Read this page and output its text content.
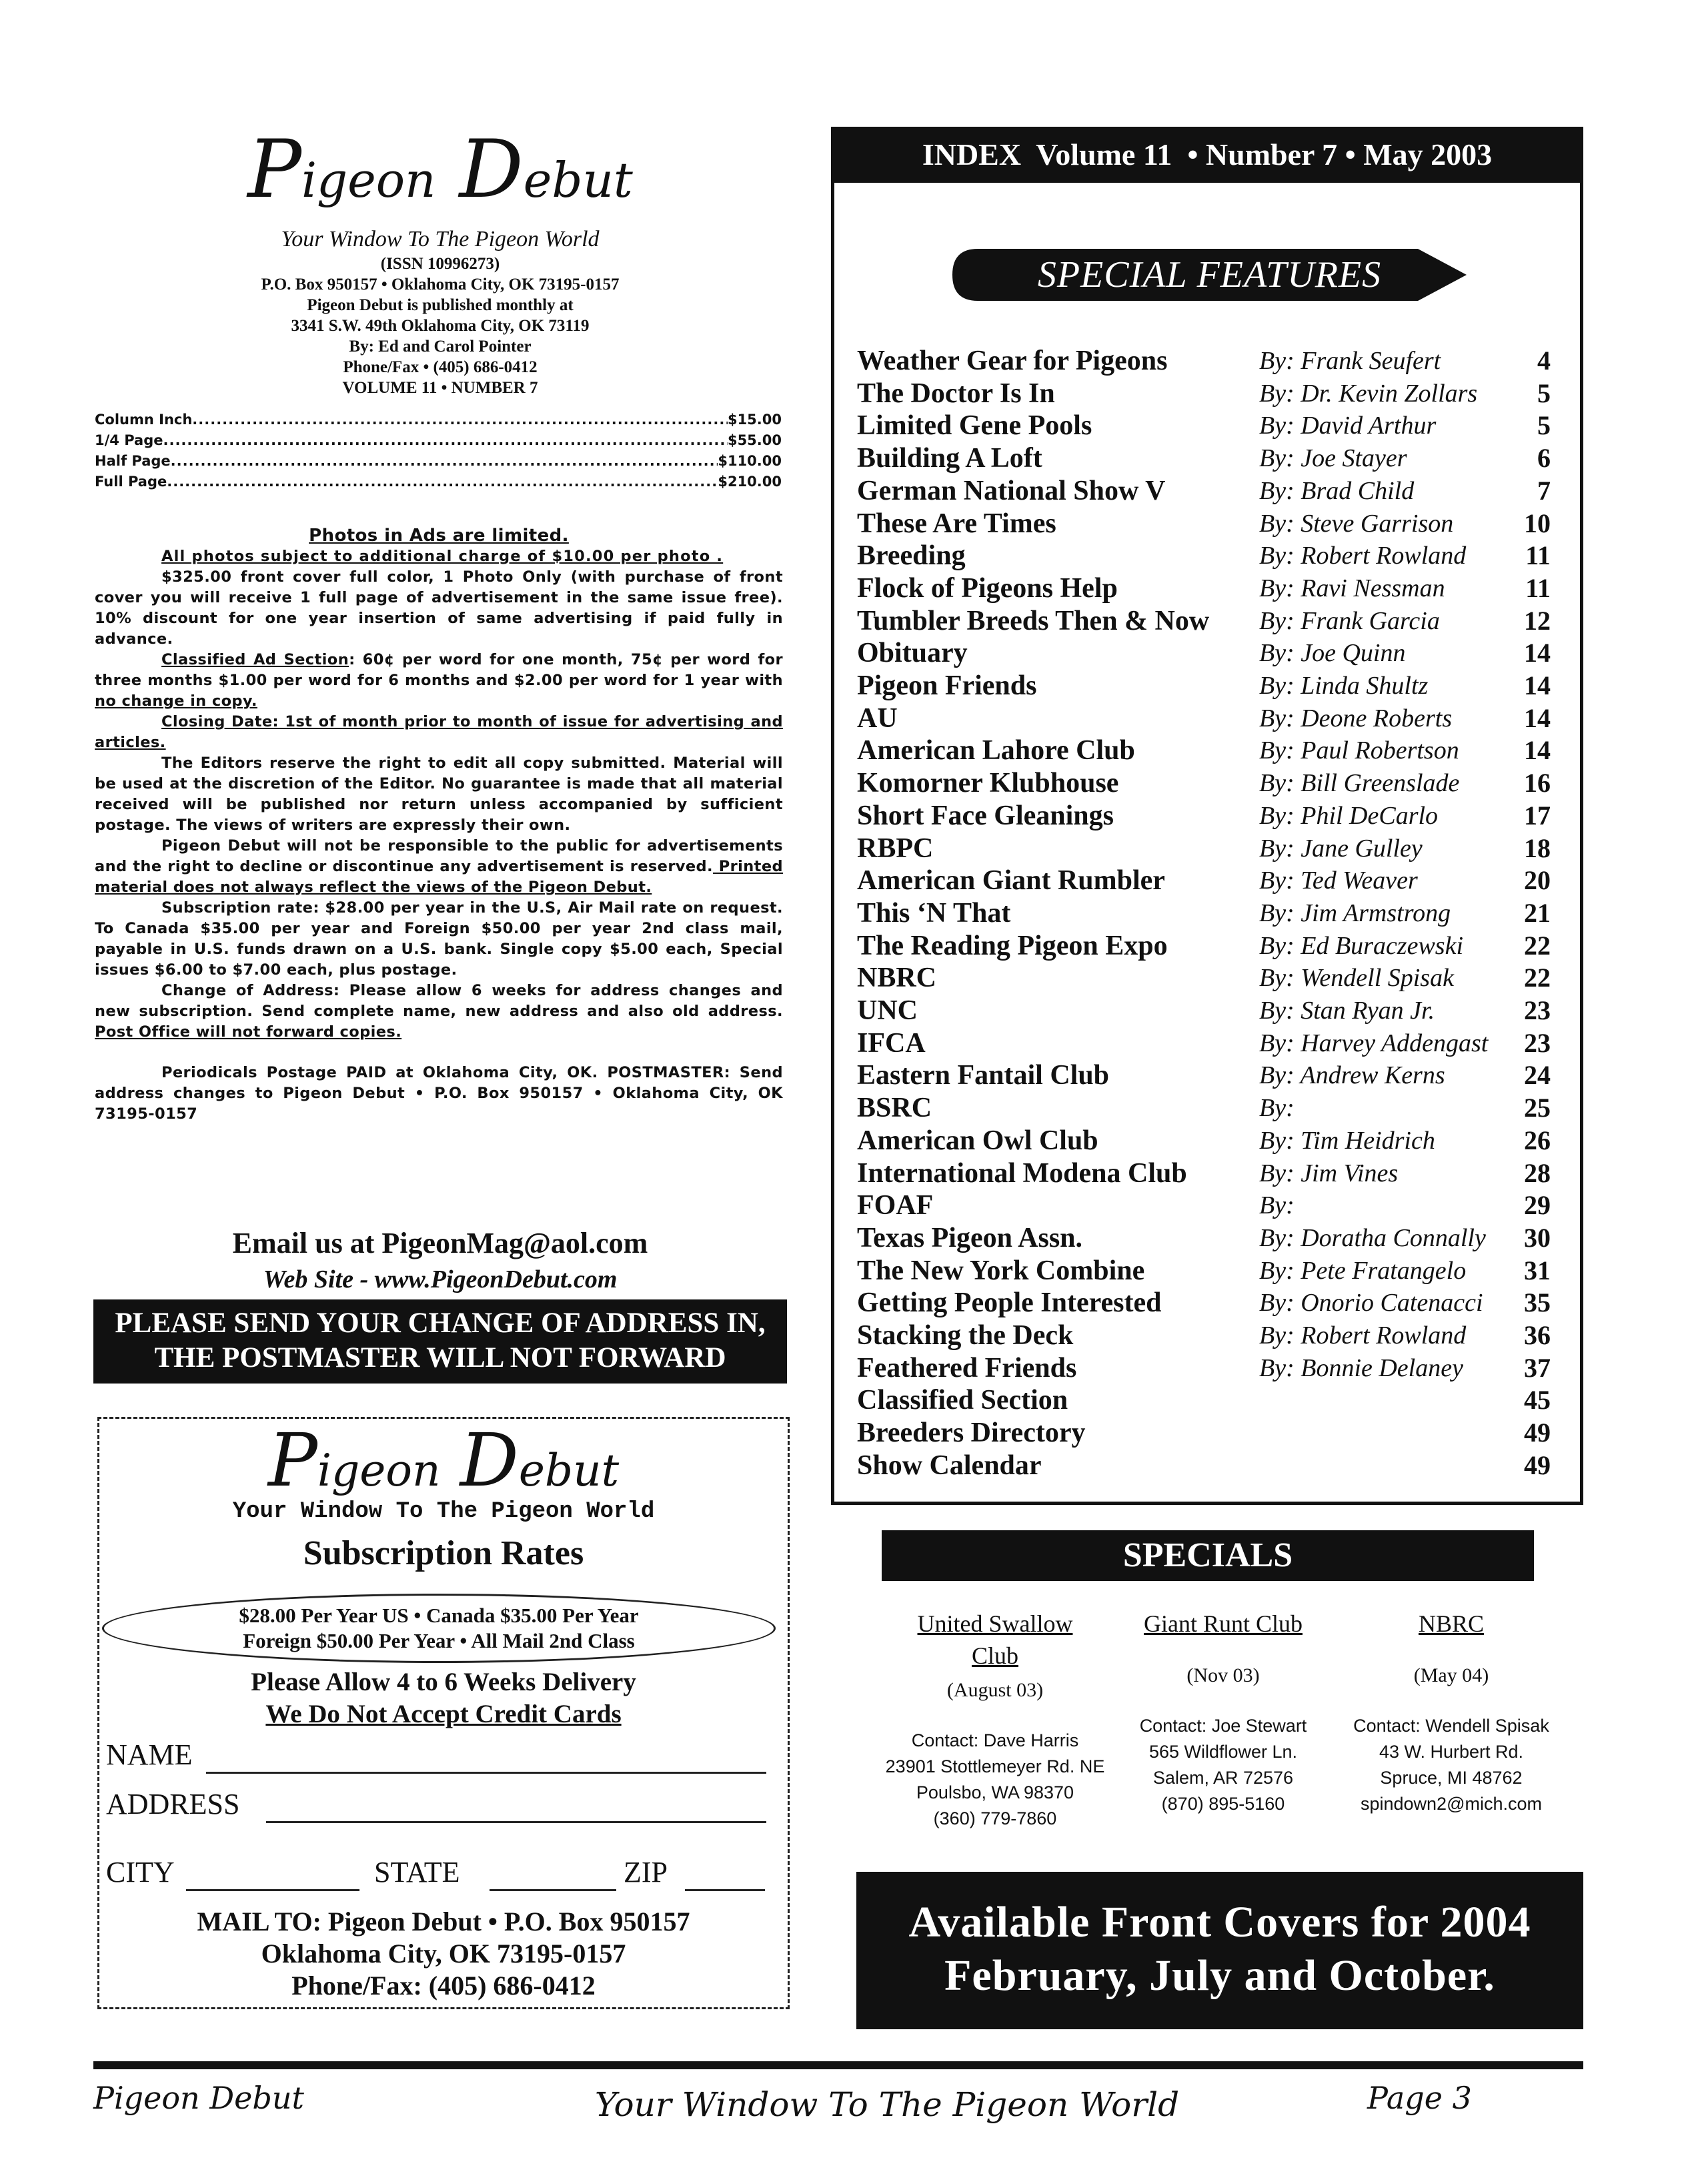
Pigeon Debut
Your Window To The Pigeon World
(ISSN 10996273)
P.O. Box 950157 • Oklahoma City, OK 73195-0157
Pigeon Debut is published monthly at
3341 S.W. 49th Oklahoma City, OK 73119
By: Ed and Carol Pointer
Phone/Fax • (405) 686-0412
VOLUME 11 • NUMBER 7
Column Inch .....	$15.00
1/4 Page .....	$55.00
Half Page .....	$110.00
Full Page .....	$210.00
Photos in Ads are limited.

All photos subject to additional charge of $10.00 per photo .

$325.00 front cover full color, 1 Photo Only (with purchase of front cover you will receive 1 full page of advertisement in the same issue free). 10% discount for one year insertion of same advertising if paid fully in advance.

Classified Ad Section: 60¢ per word for one month, 75¢ per word for three months $1.00 per word for 6 months and $2.00 per word for 1 year with no change in copy.

Closing Date: 1st of month prior to month of issue for advertising and articles.

The Editors reserve the right to edit all copy submitted. Material will be used at the discretion of the Editor. No guarantee is made that all material received will be published nor return unless accompanied by sufficient postage. The views of writers are expressly their own.

Pigeon Debut will not be responsible to the public for advertisements and the right to decline or discontinue any advertisement is reserved. Printed material does not always reflect the views of the Pigeon Debut.

Subscription rate: $28.00 per year in the U.S, Air Mail rate on request. To Canada $35.00 per year and Foreign $50.00 per year 2nd class mail, payable in U.S. funds drawn on a U.S. bank. Single copy $5.00 each, Special issues $6.00 to $7.00 each, plus postage.

Change of Address: Please allow 6 weeks for address changes and new subscription. Send complete name, new address and also old address. Post Office will not forward copies.

Periodicals Postage PAID at Oklahoma City, OK. POSTMASTER: Send address changes to Pigeon Debut • P.O. Box 950157 • Oklahoma City, OK 73195-0157

Email us at PigeonMag@aol.com
Web Site - www.PigeonDebut.com
PLEASE SEND YOUR CHANGE OF ADDRESS IN,
THE POSTMASTER WILL NOT FORWARD
Pigeon Debut
Your Window To The Pigeon World
Subscription Rates
$28.00 Per Year US • Canada $35.00 Per Year
Foreign $50.00 Per Year • All Mail 2nd Class
Please Allow 4 to 6 Weeks Delivery
We Do Not Accept Credit Cards
NAME
ADDRESS
CITY	STATE	ZIP
MAIL TO: Pigeon Debut • P.O. Box 950157
Oklahoma City, OK 73195-0157
Phone/Fax: (405) 686-0412
INDEX  Volume 11  • Number 7 • May 2003
SPECIAL FEATURES
Weather Gear for Pigeons	By: Frank Seufert	4
The Doctor Is In	By: Dr. Kevin Zollars 5
Limited Gene Pools	By: David Arthur	5
Building A Loft	By: Joe Stayer	6
German National Show V	By: Brad Child	7
These Are Times	By: Steve Garrison	10
Breeding	By: Robert Rowland 11
Flock of Pigeons Help	By: Ravi Nessman	11
Tumbler Breeds Then & Now By: Frank Garcia	12
Obituary	By: Joe Quinn	14
Pigeon Friends	By: Linda Shultz	14
AU	By: Deone Roberts	14
American Lahore Club	By: Paul Robertson 14
Komorner Klubhouse	By: Bill Greenslade 16
Short Face Gleanings	By: Phil DeCarlo	17
RBPC	By: Jane Gulley	18
American Giant Rumbler	By: Ted Weaver	20
This ‘N That	By: Jim Armstrong	21
The Reading Pigeon Expo	By: Ed Buraczewski 22
NBRC	By: Wendell Spisak	22
UNC	By: Stan Ryan Jr.	23
IFCA	By: Harvey Addengast 23
Eastern Fantail Club	By: Andrew Kerns	24
BSRC	By:	25
American Owl Club	By: Tim Heidrich	26
International Modena Club	By: Jim Vines	28
FOAF	By:	29
Texas Pigeon Assn.	By: Doratha Connally 30
The New York Combine	By: Pete Fratangelo 31
Getting People Interested	By: Onorio Catenacci 35
Stacking the Deck	By: Robert Rowland 36
Feathered Friends	By: Bonnie Delaney 37
Classified Section	45
Breeders Directory	49
Show Calendar	49
SPECIALS
United Swallow
Club
(August 03)
Contact: Dave Harris
23901 Stottlemeyer Rd. NE
Poulsbo, WA 98370
(360) 779-7860
Giant Runt Club
(Nov 03)
Contact: Joe Stewart
565 Wildflower Ln.
Salem, AR 72576
(870) 895-5160
NBRC
(May 04)
Contact: Wendell Spisak
43 W. Hurbert Rd.
Spruce, MI 48762
spindown2@mich.com
Available Front Covers for 2004
February, July and October.
Pigeon Debut	Your Window To The Pigeon World	Page 3
